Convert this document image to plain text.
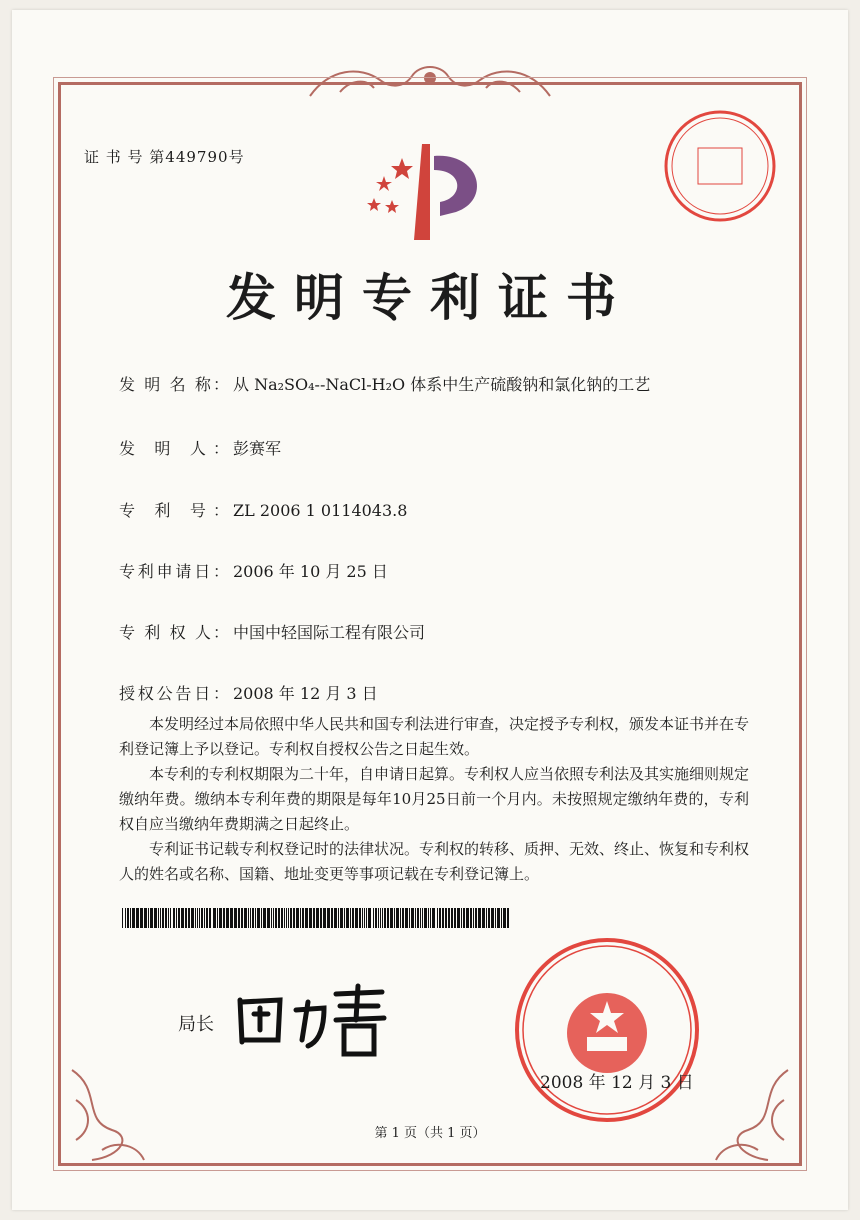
证 书 号 第449790号
发明专利证书
发 明 名 称： 从 Na₂SO₄--NaCl-H₂O 体系中生产硫酸钠和氯化钠的工艺
发 明 人： 彭赛军
专 利 号： ZL 2006 1 0114043.8
专利申请日： 2006 年 10 月 25 日
专 利 权 人： 中国中轻国际工程有限公司
授权公告日： 2008 年 12 月 3 日

本发明经过本局依照中华人民共和国专利法进行审查，决定授予专利权，颁发本证书并在专利登记簿上予以登记。专利权自授权公告之日起生效。

本专利的专利权期限为二十年，自申请日起算。专利权人应当依照专利法及其实施细则规定缴纳年费。缴纳本专利年费的期限是每年10月25日前一个月内。未按照规定缴纳年费的，专利权自应当缴纳年费期满之日起终止。

专利证书记载专利权登记时的法律状况。专利权的转移、质押、无效、终止、恢复和专利权人的姓名或名称、国籍、地址变更等事项记载在专利登记簿上。

局长
2008 年 12 月 3 日
第 1 页（共 1 页）
